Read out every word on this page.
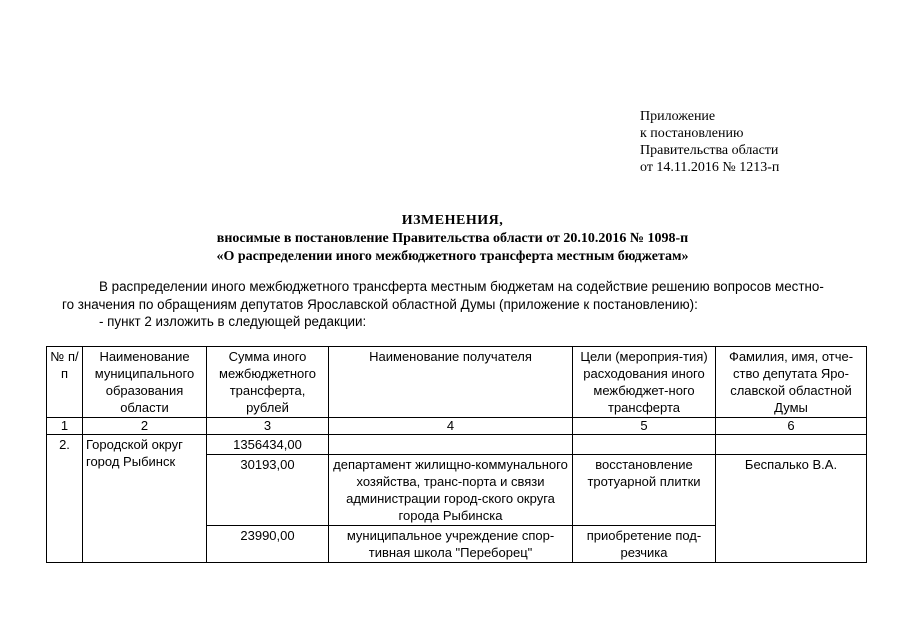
Приложение
к постановлению
Правительства области
от 14.11.2016 № 1213-п
ИЗМЕНЕНИЯ,
вносимые в постановление Правительства области от 20.10.2016 № 1098-п
«О распределении иного межбюджетного трансферта местным бюджетам»

В распределении иного межбюджетного трансферта местным бюджетам на содействие решению вопросов местно-

го значения по обращениям депутатов Ярославской областной Думы (приложение к постановлению):

- пункт 2 изложить в следующей редакции:

№ п/п	Наименование муниципального образования области	Сумма иного межбюджетного трансферта, рублей	Наименование получателя	Цели (мероприя-тия) расходования иного межбюджет-ного трансферта	Фамилия, имя, отче-ство депутата Яро-славской областной Думы
1	2	3	4	5	6
2.	Городской округ город Рыбинск	1356434,00			
		30193,00	департамент жилищно-коммунального хозяйства, транс-порта и связи администрации город-ского округа города Рыбинска	восстановление тротуарной плитки	Беспалько В.А.
		23990,00	муниципальное учреждение спор-тивная школа "Переборец"	приобретение под-резчика	
